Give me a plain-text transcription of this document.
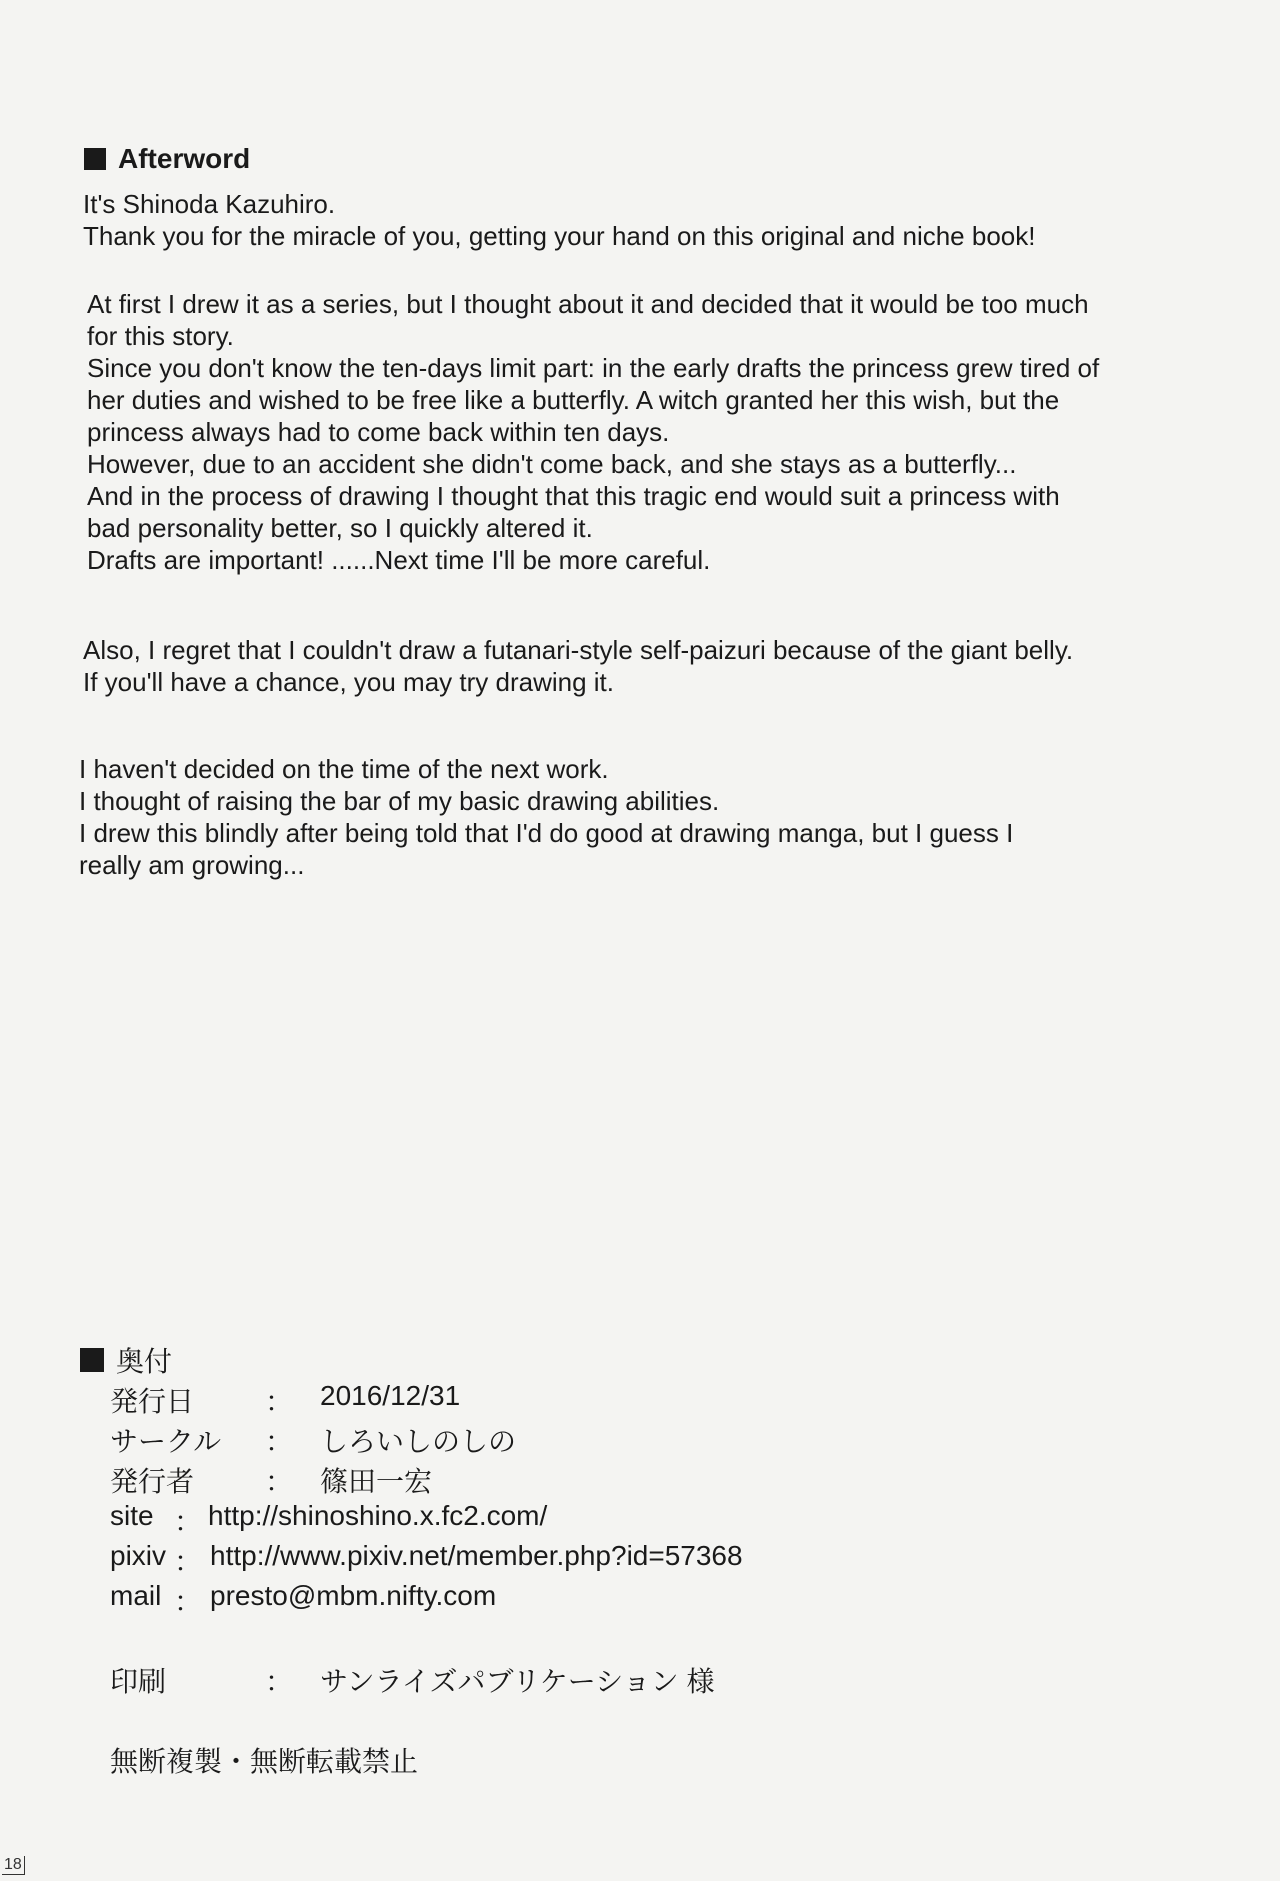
Afterword
It's Shinoda Kazuhiro.
Thank you for the miracle of you, getting your hand on this original and niche book!
At first I drew it as a series, but I thought about it and decided that it would be too much
for this story.
Since you don't know the ten-days limit part: in the early drafts the princess grew tired of
her duties and wished to be free like a butterfly. A witch granted her this wish, but the
princess always had to come back within ten days.
However, due to an accident she didn't come back, and she stays as a butterfly...
And in the process of drawing I thought that this tragic end would suit a princess with
bad personality better, so I quickly altered it.
Drafts are important! ......Next time I'll be more careful.
Also, I regret that I couldn't draw a futanari-style self-paizuri because of the giant belly.
If you'll have a chance, you may try drawing it.
I haven't decided on the time of the next work.
I thought of raising the bar of my basic drawing abilities.
I drew this blindly after being told that I'd do good at drawing manga, but I guess I
really am growing...
奥付
発行日	： 2016/12/31
サークル ： しろいしのしの
発行者	： 篠田一宏
site ： http://shinoshino.x.fc2.com/
pixiv ： http://www.pixiv.net/member.php?id=57368
mail ： presto@mbm.nifty.com
印刷	： サンライズパブリケーション 様
無断複製・無断転載禁止
18
